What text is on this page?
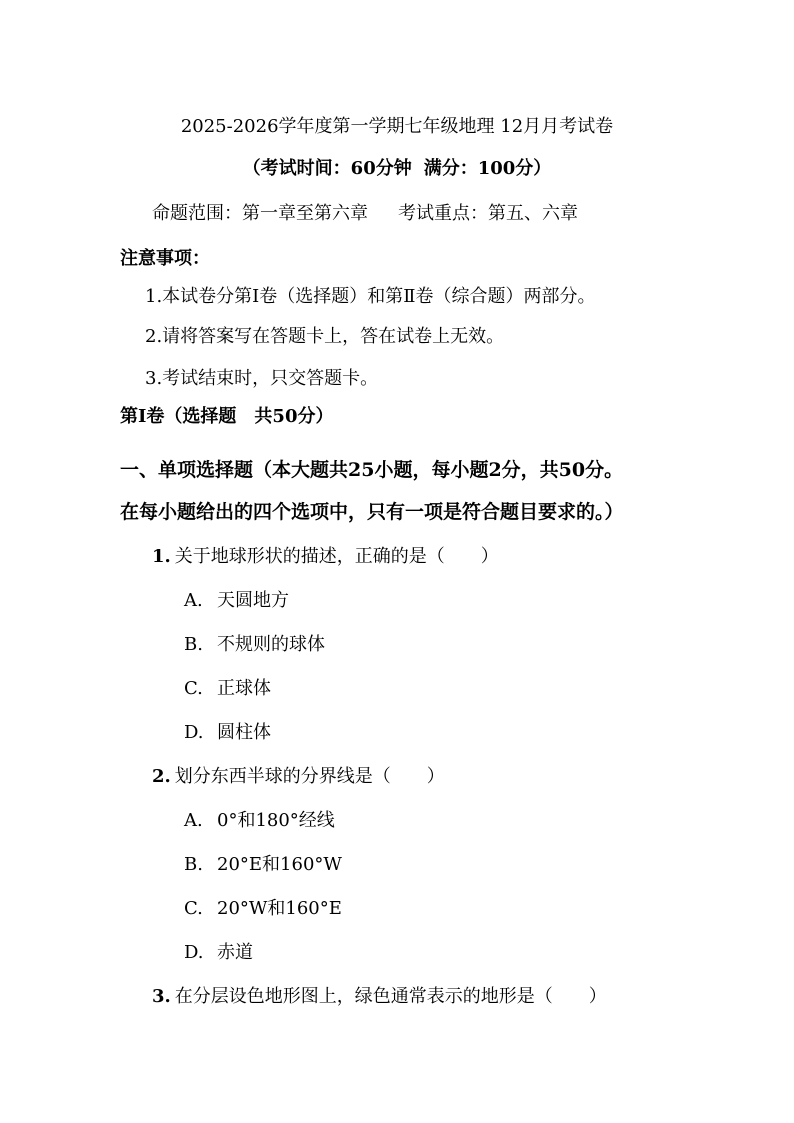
2025-2026学年度第一学期七年级地理 12月月考试卷
（考试时间：60分钟 满分：100分）
命题范围：第一章至第六章 考试重点：第五、六章
注意事项：
1.本试卷分第Ⅰ卷（选择题）和第Ⅱ卷（综合题）两部分。
2.请将答案写在答题卡上，答在试卷上无效。
3.考试结束时，只交答题卡。
第Ⅰ卷（选择题　共50分）
一、单项选择题（本大题共25小题，每小题2分，共50分。
在每小题给出的四个选项中，只有一项是符合题目要求的。）
1. 关于地球形状的描述，正确的是（　　）
A. 天圆地方
B. 不规则的球体
C. 正球体
D. 圆柱体
2. 划分东西半球的分界线是（　　）
A. 0°和180°经线
B. 20°E和160°W
C. 20°W和160°E
D. 赤道
3. 在分层设色地形图上，绿色通常表示的地形是（　　）
